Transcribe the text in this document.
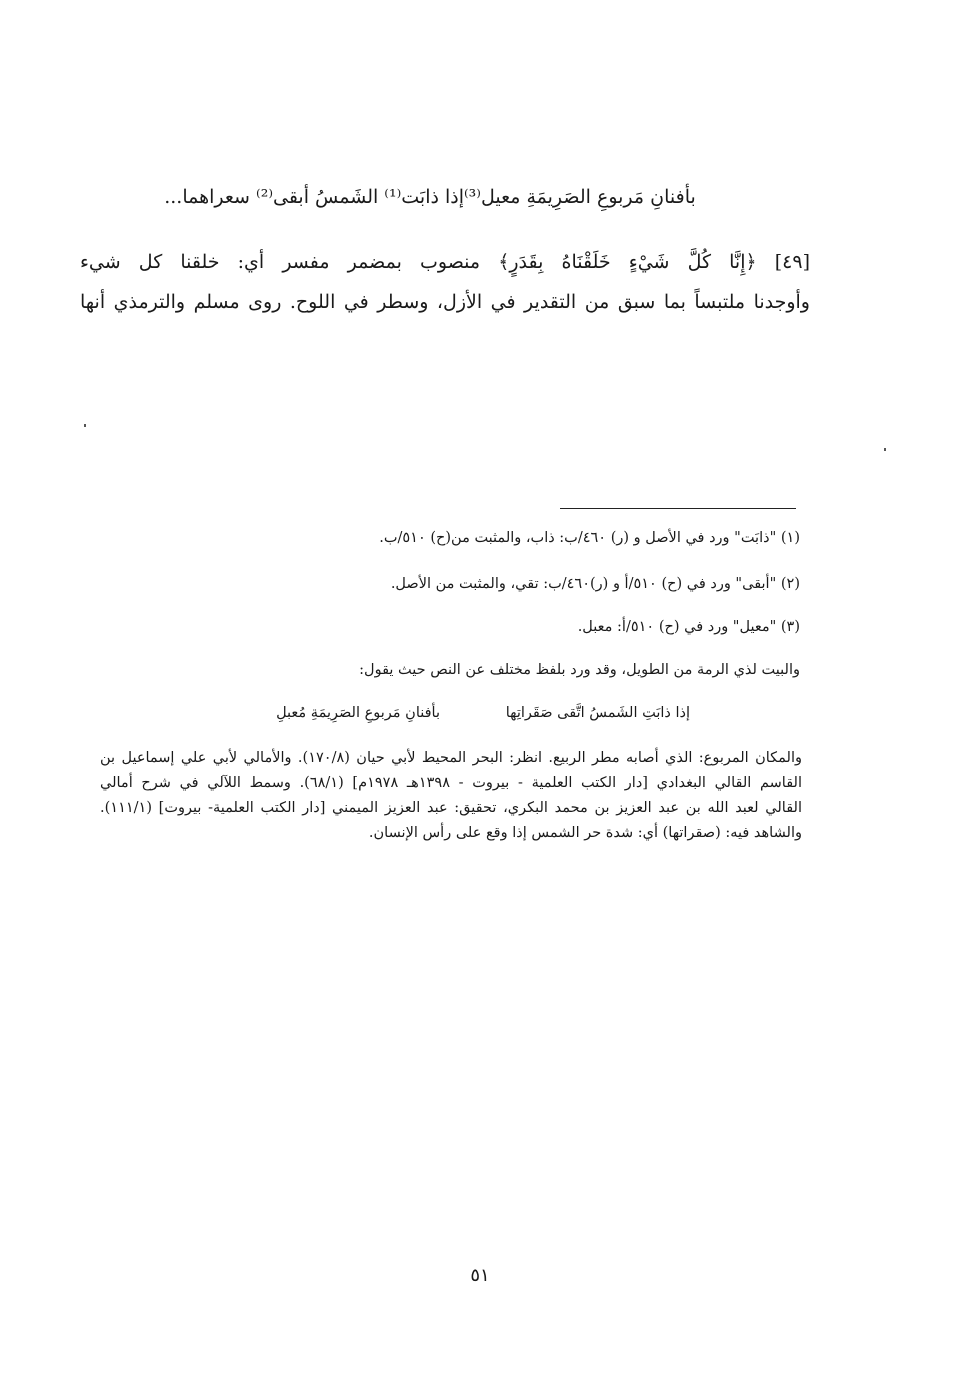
بأفنانِ مَربوعِ الصَرِيمَةِ معيل⁽³⁾إذا ذابَت⁽¹⁾ الشَمسُ أبقى⁽²⁾ سعراهما...
[٤٩] ﴿إِنَّا كُلَّ شَيْءٍ خَلَقْنَاهُ بِقَدَرٍ﴾ منصوب بمضمر مفسر أي: خلقنا كل شيء
وأوجدنا ملتبساً بما سبق من التقدير في الأزل، وسطر في اللوح. روى مسلم والترمذي أنها
(١) "ذابَت" ورد في الأصل و (ر) ٤٦٠/ب: ذاب، والمثبت من(ح) ٥١٠/ب.
(٢) "أبقى" ورد في (ح) ٥١٠/أ و (ر)٤٦٠/ب: تقي، والمثبت من الأصل.
(٣) "معيل" ورد في (ح) ٥١٠/أ: معبل.
والبيت لذي الرمة من الطويل، وقد ورد بلفظ مختلف عن النص حيث يقول:
إذا ذابَتِ الشَمسُ اتَّقى صَقَراتِها
بأفنانِ مَربوعِ الصَرِيمَةِ مُعبلِ
والمكان المربوع: الذي أصابه مطر الربيع. انظر: البحر المحيط لأبي حيان (١٧٠/٨). والأمالي لأبي علي إسماعيل بن
القاسم القالي البغدادي [دار الكتب العلمية - بيروت - ١٣٩٨هـ ١٩٧٨م] (٦٨/١). وسمط اللآلي في شرح أمالي
القالي لعبد الله بن عبد العزيز بن محمد البكري، تحقيق: عبد العزيز الميمني [دار الكتب العلمية- بيروت] (١١١/١).
والشاهد فيه: (صقراتها) أي: شدة حر الشمس إذا وقع على رأس الإنسان.
٥١
